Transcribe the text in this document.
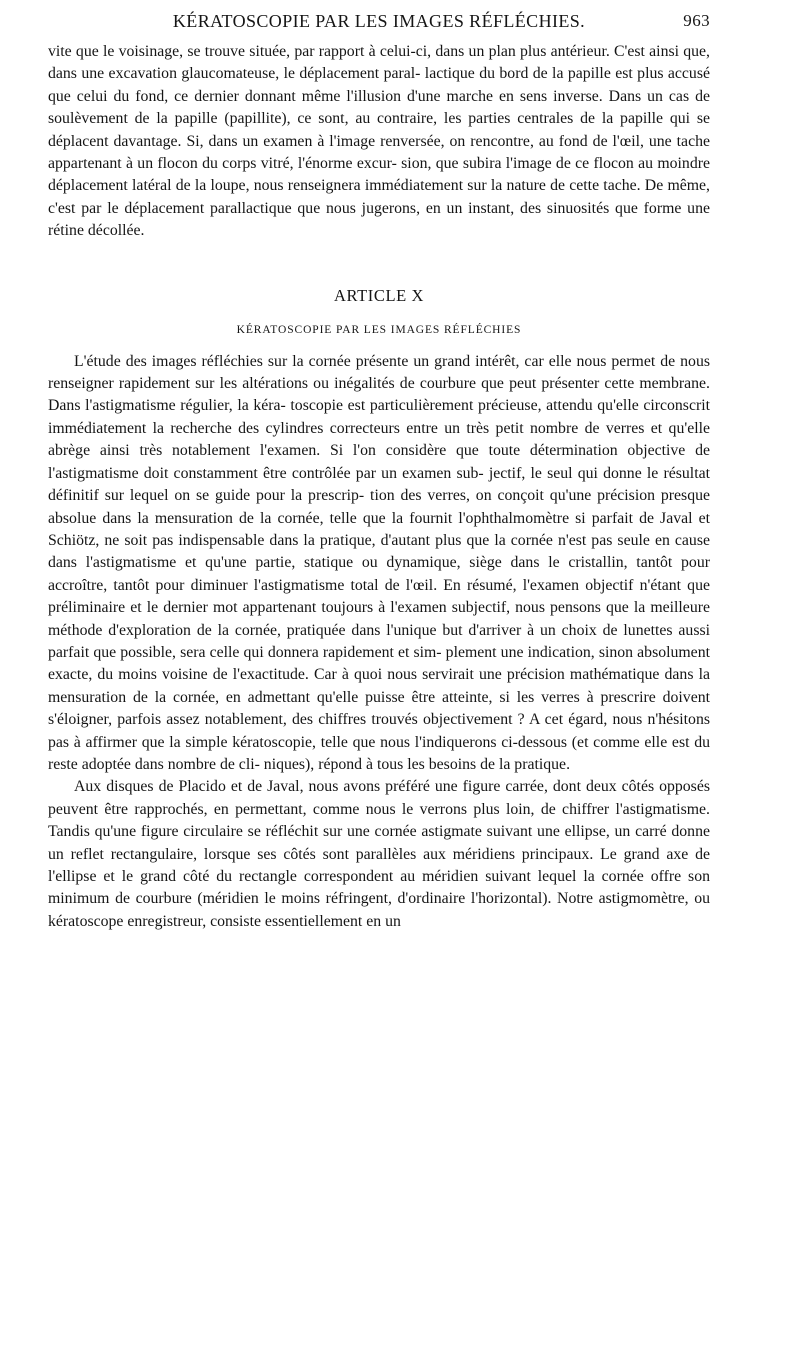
KÉRATOSCOPIE PAR LES IMAGES RÉFLÉCHIES.	963

vite que le voisinage, se trouve située, par rapport à celui-ci, dans un plan plus antérieur. C'est ainsi que, dans une excavation glaucomateuse, le déplacement paral- lactique du bord de la papille est plus accusé que celui du fond, ce dernier donnant même l'illusion d'une marche en sens inverse. Dans un cas de soulèvement de la papille (papillite), ce sont, au contraire, les parties centrales de la papille qui se déplacent davantage. Si, dans un examen à l'image renversée, on rencontre, au fond de l'œil, une tache appartenant à un flocon du corps vitré, l'énorme excur- sion, que subira l'image de ce flocon au moindre déplacement latéral de la loupe, nous renseignera immédiatement sur la nature de cette tache. De même, c'est par le déplacement parallactique que nous jugerons, en un instant, des sinuosités que forme une rétine décollée.

ARTICLE X
KÉRATOSCOPIE PAR LES IMAGES RÉFLÉCHIES

L'étude des images réfléchies sur la cornée présente un grand intérêt, car elle nous permet de nous renseigner rapidement sur les altérations ou inégalités de courbure que peut présenter cette membrane. Dans l'astigmatisme régulier, la kéra- toscopie est particulièrement précieuse, attendu qu'elle circonscrit immédiatement la recherche des cylindres correcteurs entre un très petit nombre de verres et qu'elle abrège ainsi très notablement l'examen. Si l'on considère que toute détermination objective de l'astigmatisme doit constamment être contrôlée par un examen sub- jectif, le seul qui donne le résultat définitif sur lequel on se guide pour la prescrip- tion des verres, on conçoit qu'une précision presque absolue dans la mensuration de la cornée, telle que la fournit l'ophthalmomètre si parfait de Javal et Schiötz, ne soit pas indispensable dans la pratique, d'autant plus que la cornée n'est pas seule en cause dans l'astigmatisme et qu'une partie, statique ou dynamique, siège dans le cristallin, tantôt pour accroître, tantôt pour diminuer l'astigmatisme total de l'œil. En résumé, l'examen objectif n'étant que préliminaire et le dernier mot appartenant toujours à l'examen subjectif, nous pensons que la meilleure méthode d'exploration de la cornée, pratiquée dans l'unique but d'arriver à un choix de lunettes aussi parfait que possible, sera celle qui donnera rapidement et sim- plement une indication, sinon absolument exacte, du moins voisine de l'exactitude. Car à quoi nous servirait une précision mathématique dans la mensuration de la cornée, en admettant qu'elle puisse être atteinte, si les verres à prescrire doivent s'éloigner, parfois assez notablement, des chiffres trouvés objectivement ? A cet égard, nous n'hésitons pas à affirmer que la simple kératoscopie, telle que nous l'indiquerons ci-dessous (et comme elle est du reste adoptée dans nombre de cli- niques), répond à tous les besoins de la pratique.

Aux disques de Placido et de Javal, nous avons préféré une figure carrée, dont deux côtés opposés peuvent être rapprochés, en permettant, comme nous le verrons plus loin, de chiffrer l'astigmatisme. Tandis qu'une figure circulaire se réfléchit sur une cornée astigmate suivant une ellipse, un carré donne un reflet rectangulaire, lorsque ses côtés sont parallèles aux méridiens principaux. Le grand axe de l'ellipse et le grand côté du rectangle correspondent au méridien suivant lequel la cornée offre son minimum de courbure (méridien le moins réfringent, d'ordinaire l'horizontal). Notre astigmomètre, ou kératoscope enregistreur, consiste essentiellement en un
